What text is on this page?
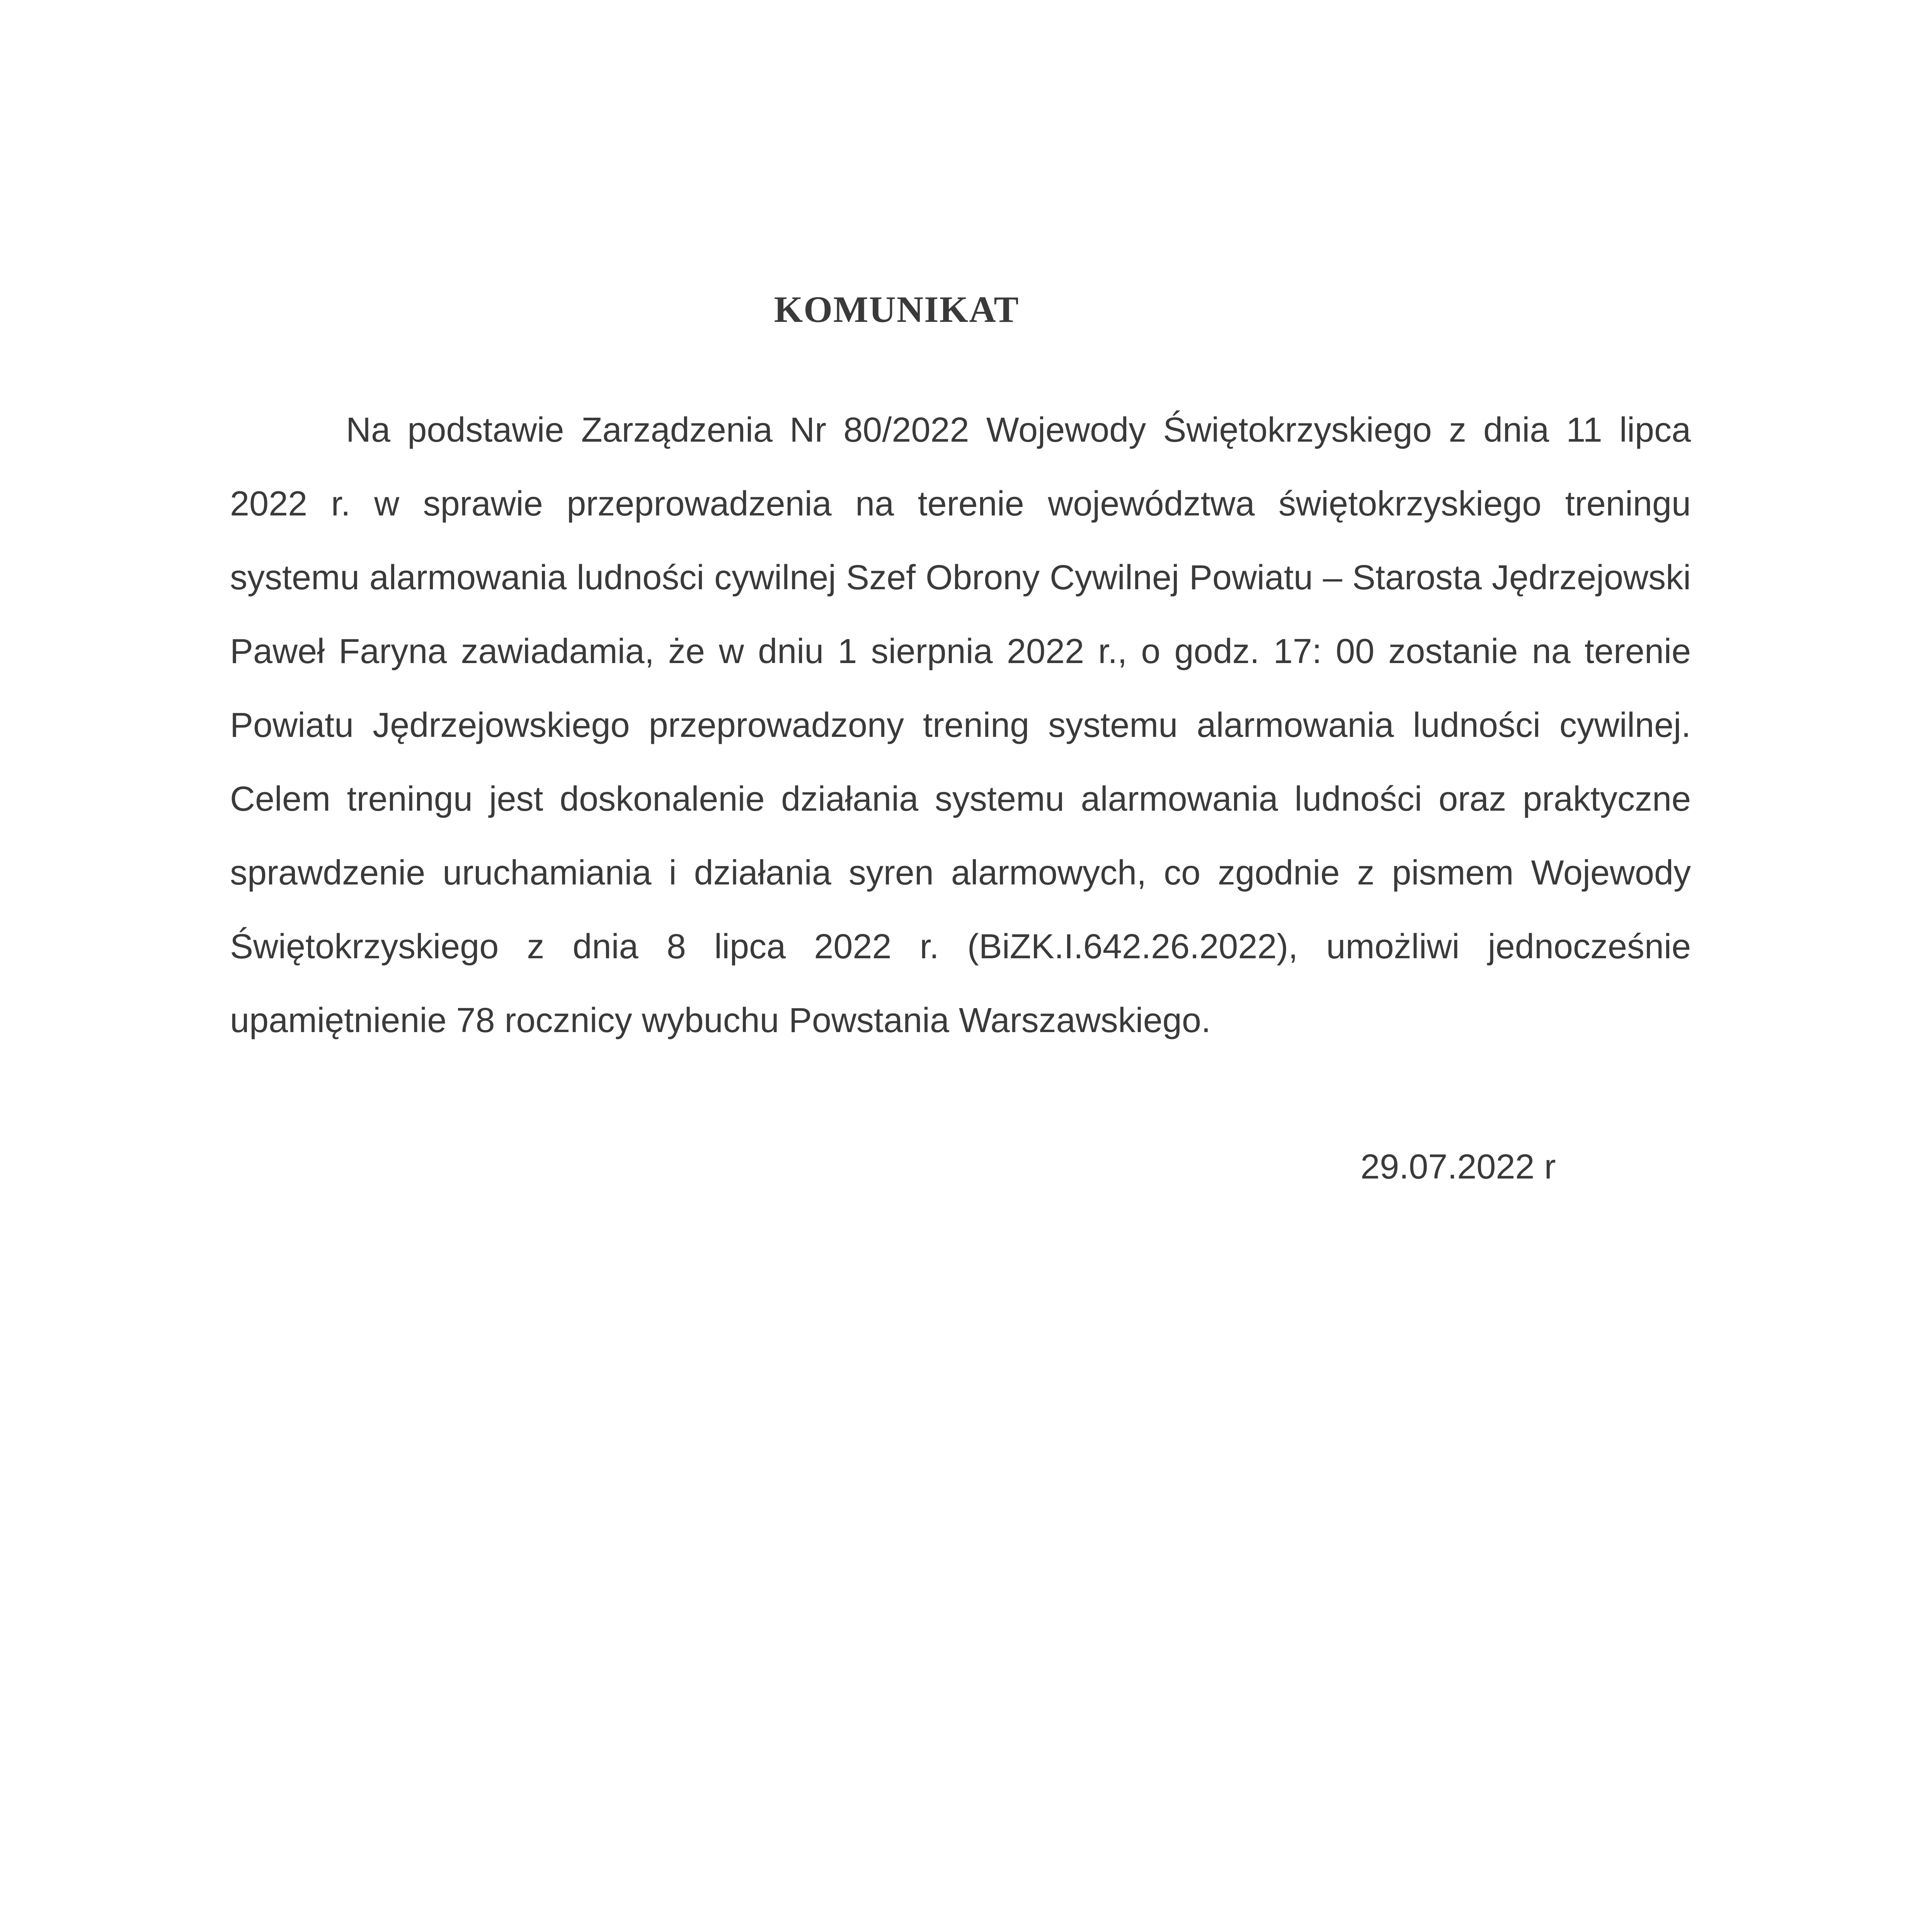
KOMUNIKAT

Na podstawie Zarządzenia Nr 80/2022 Wojewody Świętokrzyskiego z dnia 11 lipca 2022 r. w sprawie przeprowadzenia na terenie województwa świętokrzyskiego treningu systemu alarmowania ludności cywilnej Szef Obrony Cywilnej Powiatu – Starosta Jędrzejowski Paweł Faryna zawiadamia, że w dniu 1 sierpnia 2022 r., o godz. 17: 00 zostanie na terenie Powiatu Jędrzejowskiego przeprowadzony trening systemu alarmowania ludności cywilnej. Celem treningu jest doskonalenie działania systemu alarmowania ludności oraz praktyczne sprawdzenie uruchamiania i działania syren alarmowych, co zgodnie z pismem Wojewody Świętokrzyskiego z dnia 8 lipca 2022 r. (BiZK.I.642.26.2022), umożliwi jednocześnie upamiętnienie 78 rocznicy wybuchu Powstania Warszawskiego.

29.07.2022 r
